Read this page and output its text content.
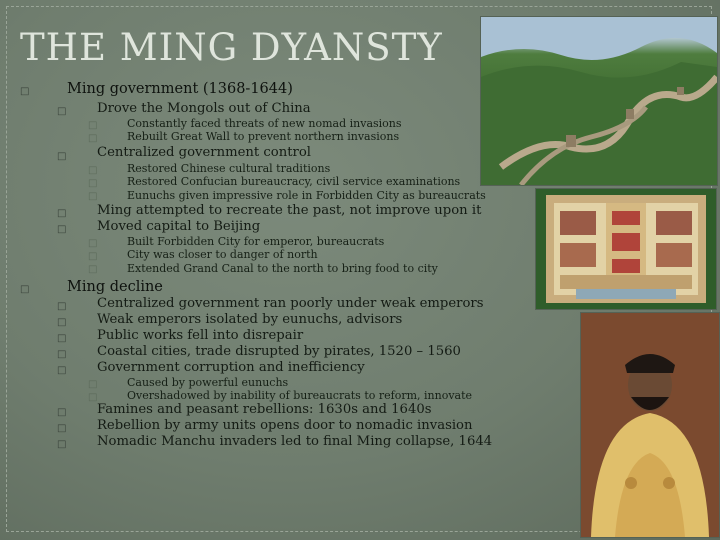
THE MING DYANSTY
□	Ming government (1368-1644)
□ Drove the Mongols out of China
□	Constantly faced threats of new nomad invasions
□	Rebuilt Great Wall to prevent northern invasions
□ Centralized government control
□	Restored Chinese cultural traditions
□	Restored Confucian bureaucracy, civil service examinations
□	Eunuchs given impressive role in Forbidden City as bureaucrats
□ Ming attempted to recreate the past, not improve upon it
□ Moved capital to Beijing
□	Built Forbidden City for emperor, bureaucrats
□	City was closer to danger of north
□	Extended Grand Canal to the north to bring food to city
□	Ming decline
□ Centralized government ran poorly under weak emperors
□ Weak emperors isolated by eunuchs, advisors
□ Public works fell into disrepair
□ Coastal cities, trade disrupted by pirates, 1520 – 1560
□ Government corruption and inefficiency
□	Caused by powerful eunuchs
□	Overshadowed by inability of bureaucrats to reform, innovate
□ Famines and peasant rebellions: 1630s and 1640s
□ Rebellion by army units opens door to nomadic invasion
□ Nomadic Manchu invaders led to final Ming collapse, 1644
